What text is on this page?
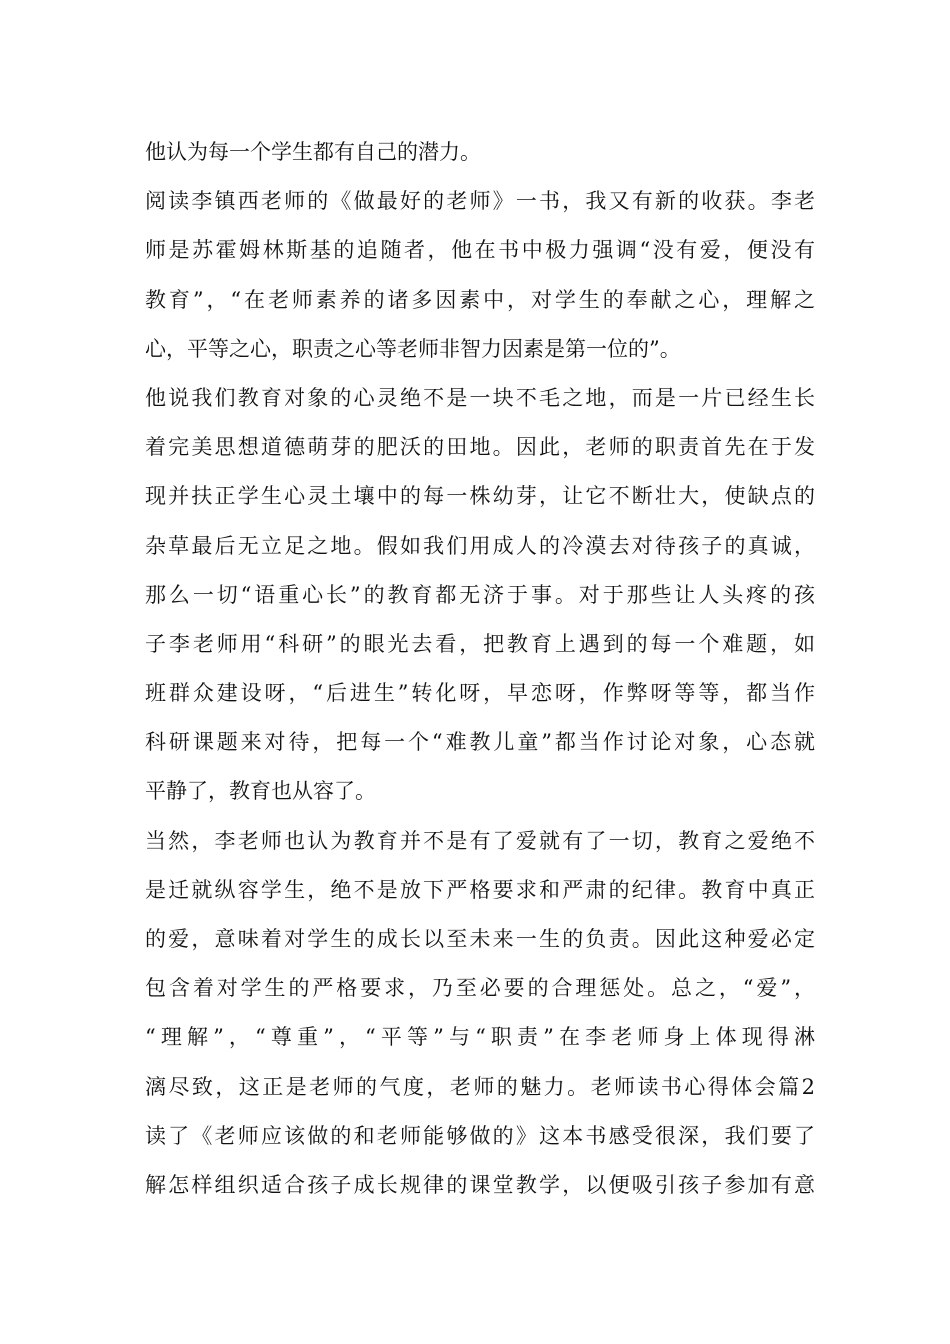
他认为每一个学生都有自己的潜力。
阅读李镇西老师的《做最好的老师》一书，我又有新的收获。李老
师是苏霍姆林斯基的追随者，他在书中极力强调“没有爱，便没有
教育”，“在老师素养的诸多因素中，对学生的奉献之心，理解之
心，平等之心，职责之心等老师非智力因素是第一位的”。
他说我们教育对象的心灵绝不是一块不毛之地，而是一片已经生长
着完美思想道德萌芽的肥沃的田地。因此，老师的职责首先在于发
现并扶正学生心灵土壤中的每一株幼芽，让它不断壮大，使缺点的
杂草最后无立足之地。假如我们用成人的冷漠去对待孩子的真诚，
那么一切“语重心长”的教育都无济于事。对于那些让人头疼的孩
子李老师用“科研”的眼光去看，把教育上遇到的每一个难题，如
班群众建设呀，“后进生”转化呀，早恋呀，作弊呀等等，都当作
科研课题来对待，把每一个“难教儿童”都当作讨论对象，心态就
平静了，教育也从容了。
当然，李老师也认为教育并不是有了爱就有了一切，教育之爱绝不
是迁就纵容学生，绝不是放下严格要求和严肃的纪律。教育中真正
的爱，意味着对学生的成长以至未来一生的负责。因此这种爱必定
包含着对学生的严格要求，乃至必要的合理惩处。总之，“爱”，
“理解”，“尊重”，“平等”与“职责”在李老师身上体现得淋
漓尽致，这正是老师的气度，老师的魅力。老师读书心得体会篇2
读了《老师应该做的和老师能够做的》这本书感受很深，我们要了
解怎样组织适合孩子成长规律的课堂教学，以便吸引孩子参加有意
